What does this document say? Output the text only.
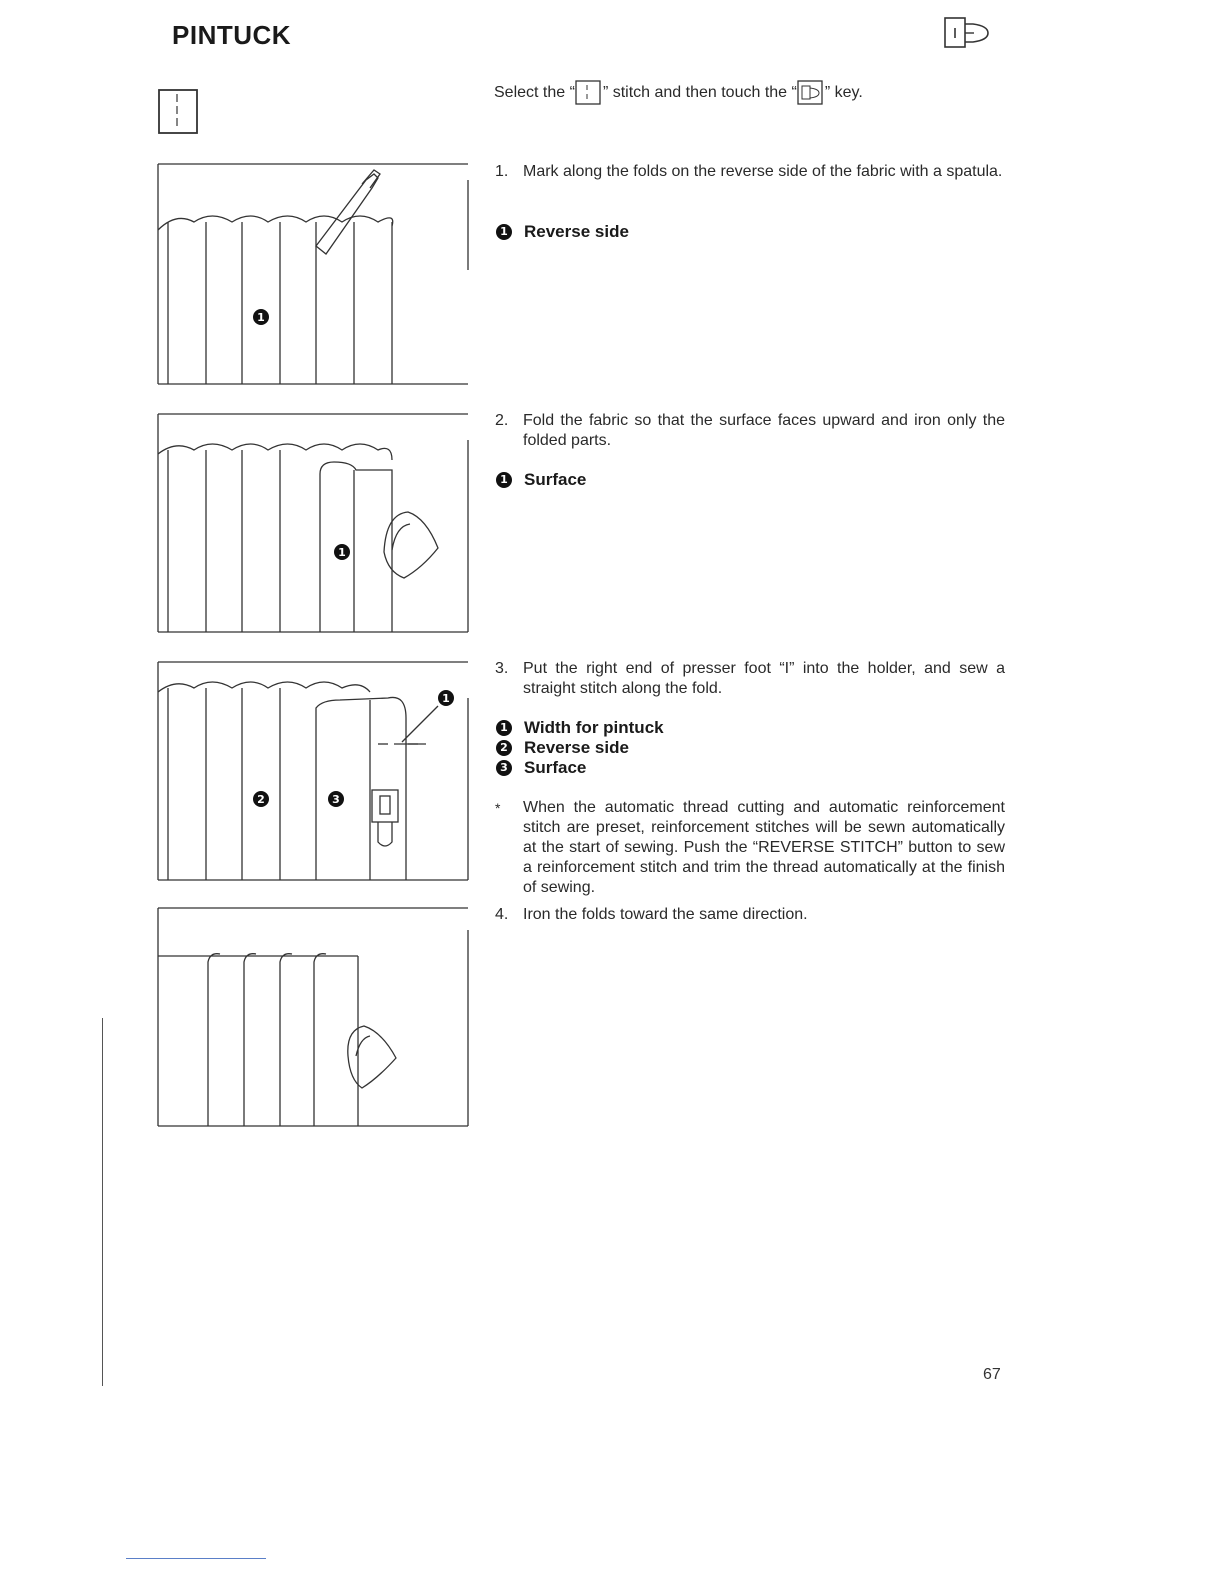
PINTUCK
Select the “ ” stitch and then touch the “ ” key.
1. Mark along the folds on the reverse side of the fabric with a spatula.
1 Reverse side
2. Fold the fabric so that the surface faces upward and iron only the folded parts.
1 Surface
3. Put the right end of presser foot “I” into the holder, and sew a straight stitch along the fold.
1 Width for pintuck
2 Reverse side
3 Surface
*	When the automatic thread cutting and automatic reinforcement stitch are preset, reinforcement stitches will be sewn automatically at the start of sewing. Push the “REVERSE STITCH” button to sew a reinforcement stitch and trim the thread automatically at the finish of sewing.
4. Iron the folds toward the same direction.
1
1
1
2	3
67
